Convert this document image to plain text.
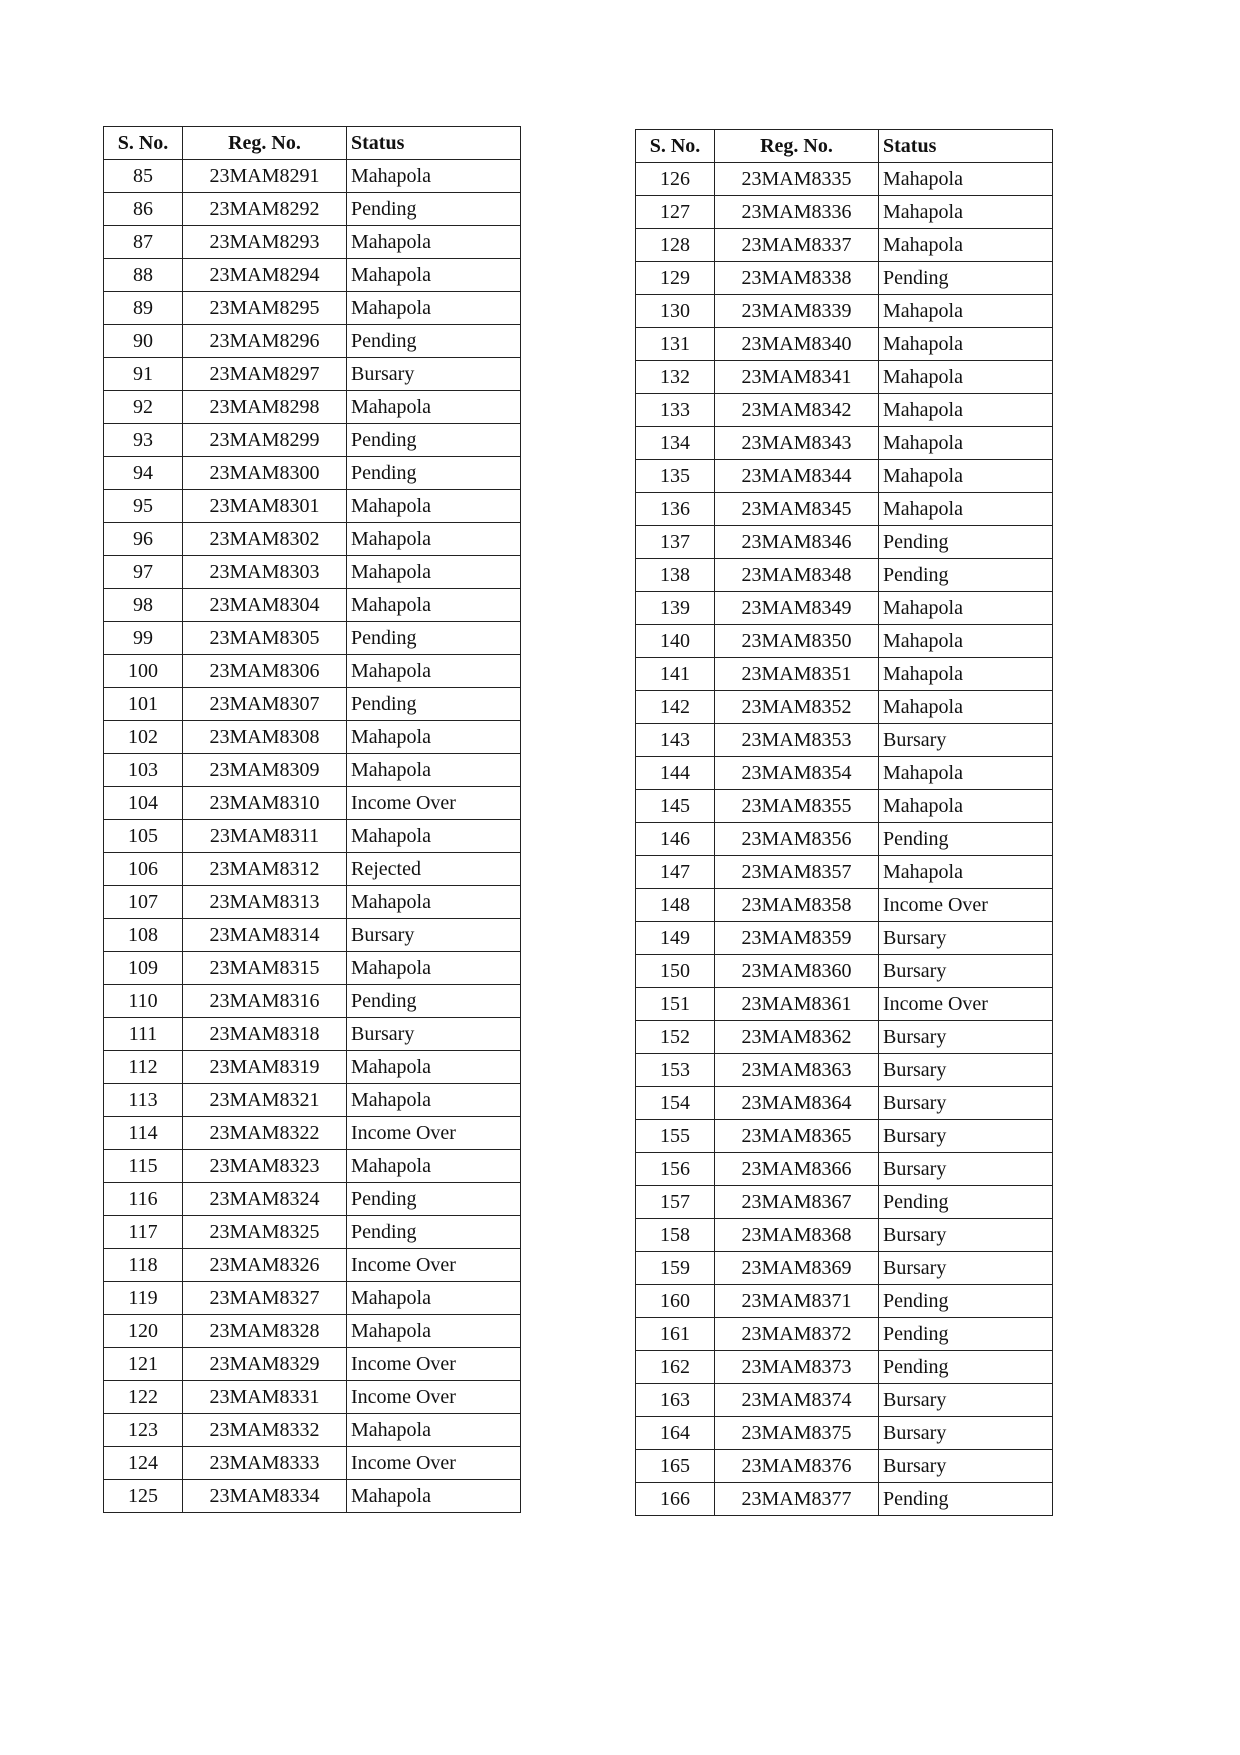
S. No.	Reg. No.	Status
85	23MAM8291	Mahapola
86	23MAM8292	Pending
87	23MAM8293	Mahapola
88	23MAM8294	Mahapola
89	23MAM8295	Mahapola
90	23MAM8296	Pending
91	23MAM8297	Bursary
92	23MAM8298	Mahapola
93	23MAM8299	Pending
94	23MAM8300	Pending
95	23MAM8301	Mahapola
96	23MAM8302	Mahapola
97	23MAM8303	Mahapola
98	23MAM8304	Mahapola
99	23MAM8305	Pending
100	23MAM8306	Mahapola
101	23MAM8307	Pending
102	23MAM8308	Mahapola
103	23MAM8309	Mahapola
104	23MAM8310	Income Over
105	23MAM8311	Mahapola
106	23MAM8312	Rejected
107	23MAM8313	Mahapola
108	23MAM8314	Bursary
109	23MAM8315	Mahapola
110	23MAM8316	Pending
111	23MAM8318	Bursary
112	23MAM8319	Mahapola
113	23MAM8321	Mahapola
114	23MAM8322	Income Over
115	23MAM8323	Mahapola
116	23MAM8324	Pending
117	23MAM8325	Pending
118	23MAM8326	Income Over
119	23MAM8327	Mahapola
120	23MAM8328	Mahapola
121	23MAM8329	Income Over
122	23MAM8331	Income Over
123	23MAM8332	Mahapola
124	23MAM8333	Income Over
125	23MAM8334	Mahapola
S. No.	Reg. No.	Status
126	23MAM8335	Mahapola
127	23MAM8336	Mahapola
128	23MAM8337	Mahapola
129	23MAM8338	Pending
130	23MAM8339	Mahapola
131	23MAM8340	Mahapola
132	23MAM8341	Mahapola
133	23MAM8342	Mahapola
134	23MAM8343	Mahapola
135	23MAM8344	Mahapola
136	23MAM8345	Mahapola
137	23MAM8346	Pending
138	23MAM8348	Pending
139	23MAM8349	Mahapola
140	23MAM8350	Mahapola
141	23MAM8351	Mahapola
142	23MAM8352	Mahapola
143	23MAM8353	Bursary
144	23MAM8354	Mahapola
145	23MAM8355	Mahapola
146	23MAM8356	Pending
147	23MAM8357	Mahapola
148	23MAM8358	Income Over
149	23MAM8359	Bursary
150	23MAM8360	Bursary
151	23MAM8361	Income Over
152	23MAM8362	Bursary
153	23MAM8363	Bursary
154	23MAM8364	Bursary
155	23MAM8365	Bursary
156	23MAM8366	Bursary
157	23MAM8367	Pending
158	23MAM8368	Bursary
159	23MAM8369	Bursary
160	23MAM8371	Pending
161	23MAM8372	Pending
162	23MAM8373	Pending
163	23MAM8374	Bursary
164	23MAM8375	Bursary
165	23MAM8376	Bursary
166	23MAM8377	Pending
